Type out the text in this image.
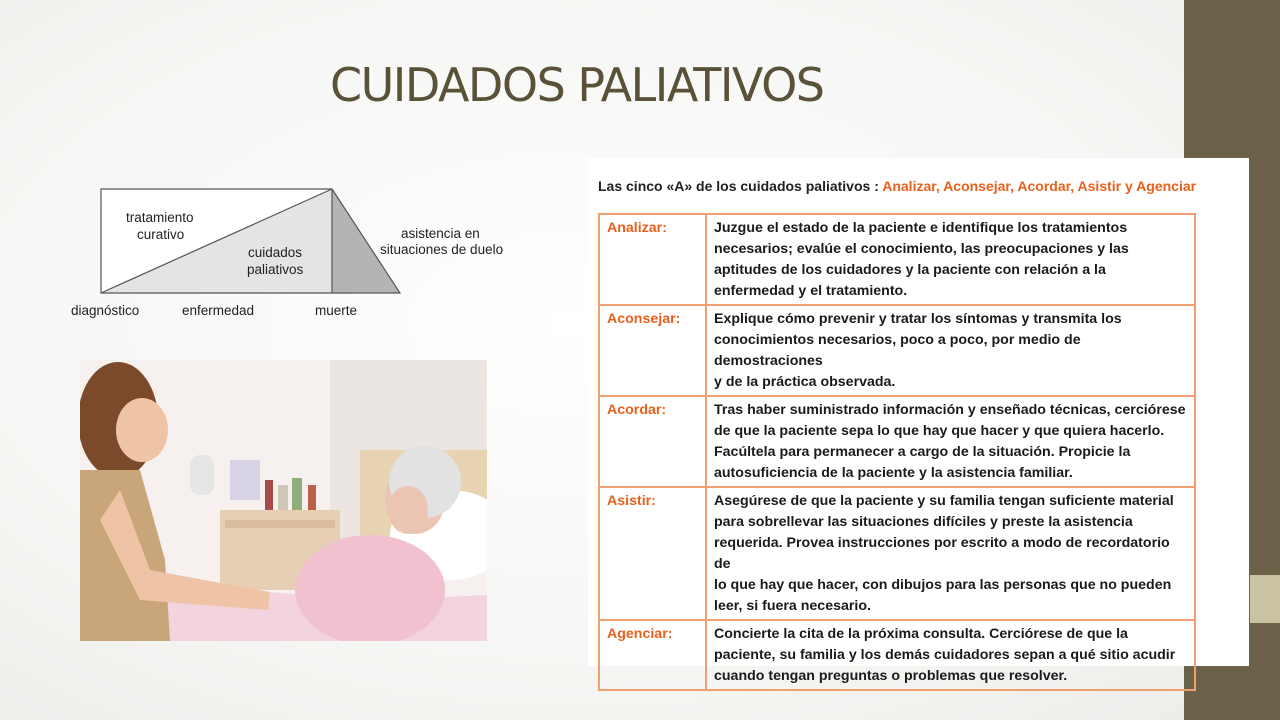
CUIDADOS PALIATIVOS
tratamiento
curativo
cuidados
paliativos
asistencia en
situaciones de duelo
diagnóstico	enfermedad	muerte
Las cinco «A» de los cuidados paliativos : Analizar, Aconsejar, Acordar, Asistir y Agenciar
Analizar:	Juzgue el estado de la paciente e identifique los tratamientos
necesarios; evalúe el conocimiento, las preocupaciones y las
aptitudes de los cuidadores y la paciente con relación a la
enfermedad y el tratamiento.

Aconsejar:	Explique cómo prevenir y tratar los síntomas y transmita los
conocimientos necesarios, poco a poco, por medio de demostraciones
y de la práctica observada.

Acordar:	Tras haber suministrado información y enseñado técnicas, cerciórese
de que la paciente sepa lo que hay que hacer y que quiera hacerlo.
Facúltela para permanecer a cargo de la situación. Propicie la
autosuficiencia de la paciente y la asistencia familiar.

Asistir:	Asegúrese de que la paciente y su familia tengan suficiente material
para sobrellevar las situaciones difíciles y preste la asistencia
requerida. Provea instrucciones por escrito a modo de recordatorio de
lo que hay que hacer, con dibujos para las personas que no pueden
leer, si fuera necesario.

Agenciar:	Concierte la cita de la próxima consulta. Cerciórese de que la
paciente, su familia y los demás cuidadores sepan a qué sitio acudir
cuando tengan preguntas o problemas que resolver.
